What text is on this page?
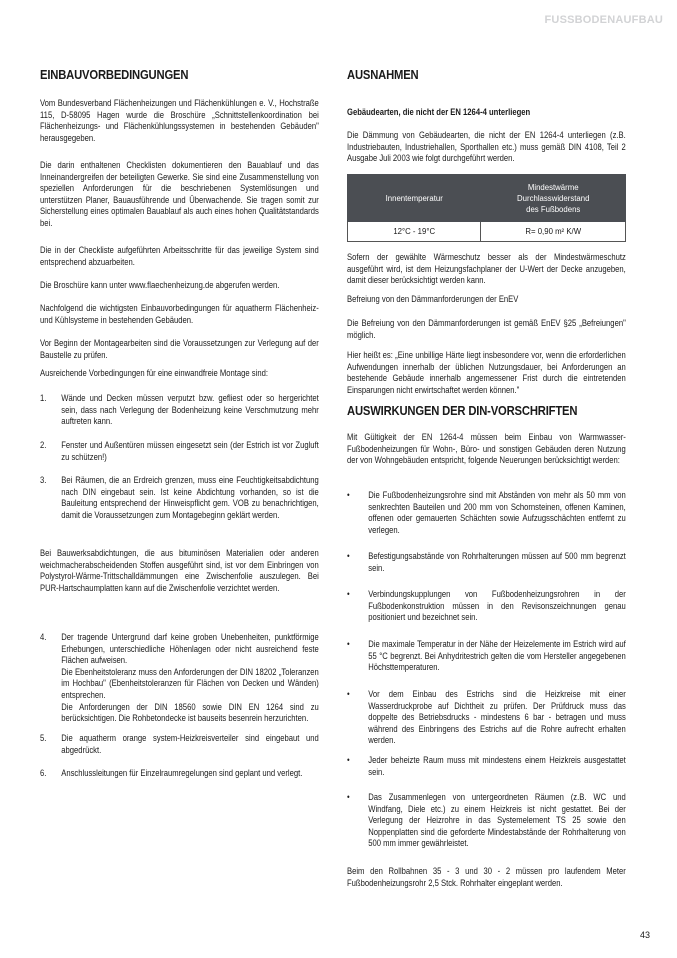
FUSSBODENAUFBAU
EINBAUVORBEDINGUNGEN

Vom Bundesverband Flächenheizungen und Flächenkühlungen e. V., Hochstraße 115, D-58095 Hagen wurde die Broschüre „Schnittstellenkoordination bei Flächenheizungs- und Flächenkühlungssystemen in bestehenden Gebäuden" herausgegeben.

Die darin enthaltenen Checklisten dokumentieren den Bauablauf und das Inneinandergreifen der beteiligten Gewerke. Sie sind eine Zusammenstellung von speziellen Anforderungen für die beschriebenen Systemlösungen und unterstützen Planer, Bauausführende und Überwachende. Sie tragen somit zur Sicherstellung eines optimalen Bauablauf als auch eines hohen Qualitätstandards bei.

Die in der Checkliste aufgeführten Arbeitsschritte für das jeweilige System sind entsprechend abzuarbeiten.

Die Broschüre kann unter www.flaechenheizung.de abgerufen werden.

Nachfolgend die wichtigsten Einbauvorbedingungen für aquatherm Flächenheiz- und Kühlsysteme in bestehenden Gebäuden.

Vor Beginn der Montagearbeiten sind die Voraussetzungen zur Verlegung auf der Baustelle zu prüfen.

Ausreichende Vorbedingungen für eine einwandfreie Montage sind:

1.	Wände und Decken müssen verputzt bzw. gefliest oder so hergerichtet sein, dass nach Verlegung der Bodenheizung keine Verschmutzung mehr auftreten kann.
2.	Fenster und Außentüren müssen eingesetzt sein (der Estrich ist vor Zugluft zu schützen!)
3.	Bei Räumen, die an Erdreich grenzen, muss eine Feuchtigkeitsabdichtung nach DIN eingebaut sein. Ist keine Abdichtung vorhanden, so ist die Bauleitung entsprechend der Hinweispflicht gem. VOB zu benachrichtigen, damit die Voraussetzungen zum Montagebeginn geklärt werden.

Bei Bauwerksabdichtungen, die aus bituminösen Materialien oder anderen weichmacherabscheidenden Stoffen ausgeführt sind, ist vor dem Einbringen von Polystyrol-Wärme-Trittschalldämmungen eine Zwischenfolie auszulegen. Bei PUR-Hartschaumplatten kann auf die Zwischenfolie verzichtet werden.

4.	Der tragende Untergrund darf keine groben Unebenheiten, punktförmige Erhebungen, unterschiedliche Höhenlagen oder nicht ausreichend feste Flächen aufweisen.
Die Ebenheitstoleranz muss den Anforderungen der DIN 18202 „Toleranzen im Hochbau" (Ebenheitstoleranzen für Flächen von Decken und Wänden) entsprechen.
Die Anforderungen der DIN 18560 sowie DIN EN 1264 sind zu berücksichtigen. Die Rohbetondecke ist bauseits besenrein herzurichten.
5.	Die aquatherm orange system-Heizkreisverteiler sind eingebaut und abgedrückt.
6.	Anschlussleitungen für Einzelraumregelungen sind geplant und verlegt.
AUSNAHMEN

Gebäudearten, die nicht der EN 1264-4 unterliegen

Die Dämmung von Gebäudearten, die nicht der EN 1264-4 unterliegen (z.B. Industriebauten, Industriehallen, Sporthallen etc.) muss gemäß DIN 4108, Teil 2 Ausgabe Juli 2003 wie folgt durchgeführt werden.

Innentemperatur	Mindestwärme
Durchlasswiderstand
des Fußbodens

12°C - 19°C	R= 0,90 m² K/W

Sofern der gewählte Wärmeschutz besser als der Mindestwärmeschutz ausgeführt wird, ist dem Heizungsfachplaner der U-Wert der Decke anzugeben, damit dieser berücksichtigt werden kann.

Befreiung von den Dämmanforderungen der EnEV

Die Befreiung von den Dämmanforderungen ist gemäß EnEV §25 „Befreiungen" möglich.

Hier heißt es: „Eine unbillige Härte liegt insbesondere vor, wenn die erforderlichen Aufwendungen innerhalb der üblichen Nutzungsdauer, bei Anforderungen an bestehende Gebäude innerhalb angemessener Frist durch die eintretenden Einsparungen nicht erwirtschaftet werden können."

AUSWIRKUNGEN DER DIN-VORSCHRIFTEN

Mit Gültigkeit der EN 1264-4 müssen beim Einbau von Warmwasser-Fußbodenheizungen für Wohn-, Büro- und sonstigen Gebäuden deren Nutzung der von Wohngebäuden entspricht, folgende Neuerungen berücksichtigt werden:

•	Die Fußbodenheizungsrohre sind mit Abständen von mehr als 50 mm von senkrechten Bauteilen und 200 mm von Schornsteinen, offenen Kaminen, offenen oder gemauerten Schächten sowie Aufzugsschächten entfernt zu verlegen.
•	Befestigungsabstände von Rohrhalterungen müssen auf 500 mm begrenzt sein.
•	Verbindungskupplungen von Fußbodenheizungsrohren in der Fußbodenkonstruktion müssen in den Revisonszeichnungen genau positioniert und bezeichnet sein.
•	Die maximale Temperatur in der Nähe der Heizelemente im Estrich wird auf 55 °C begrenzt. Bei Anhydritestrich gelten die vom Hersteller angegebenen Höchsttemperaturen.
•	Vor dem Einbau des Estrichs sind die Heizkreise mit einer Wasserdruckprobe auf Dichtheit zu prüfen. Der Prüfdruck muss das doppelte des Betriebsdrucks - mindestens 6 bar - betragen und muss während des Einbringens des Estrichs auf die Rohre aufrecht erhalten werden.
•	Jeder beheizte Raum muss mit mindestens einem Heizkreis ausgestattet sein.
•	Das Zusammenlegen von untergeordneten Räumen (z.B. WC und Windfang, Diele etc.) zu einem Heizkreis ist nicht gestattet. Bei der Verlegung der Heizrohre in das Systemelement TS 25 sowie den Noppenplatten sind die geforderte Mindestabstände der Rohrhalterung von 500 mm immer gewährleistet.

Beim den Rollbahnen 35 - 3 und 30 - 2 müssen pro laufendem Meter Fußbodenheizungsrohr 2,5 Stck. Rohrhalter eingeplant werden.

43
